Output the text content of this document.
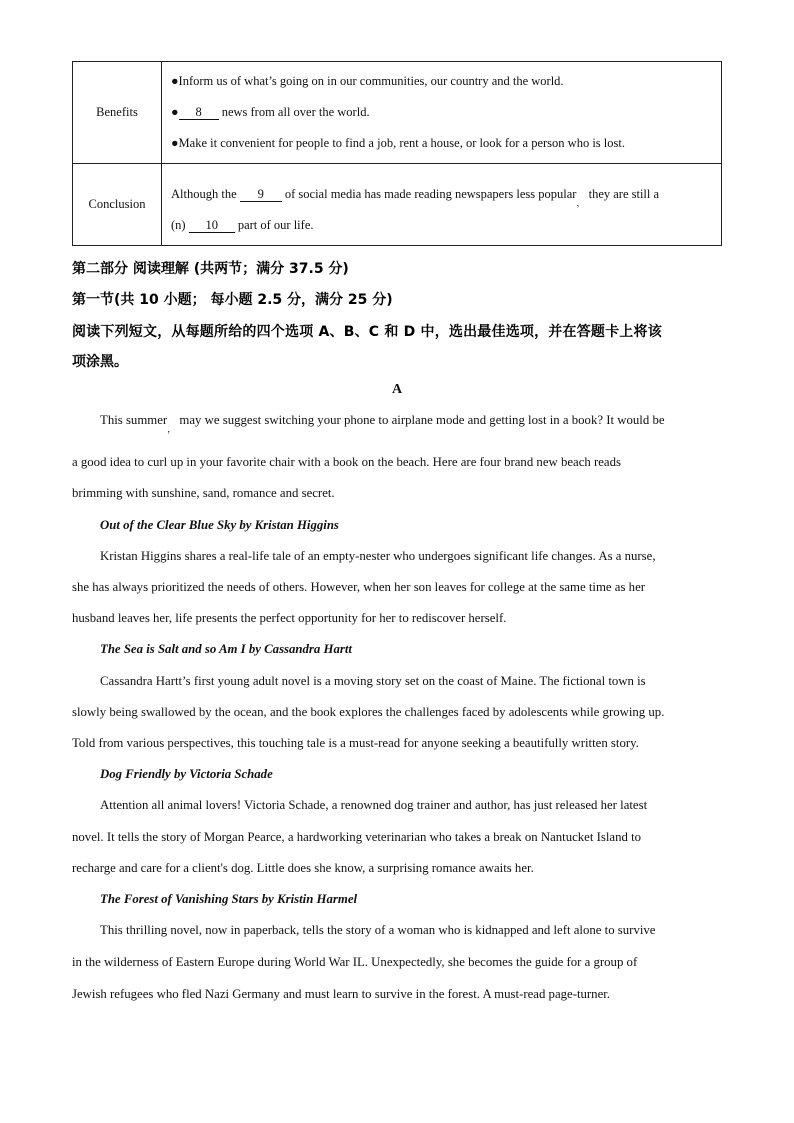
Benefits	●Inform us of what’s going on in our communities, our country and the world.
● 8 news from all over the world.
●Make it convenient for people to find a job, rent a house, or look for a person who is lost.

Conclusion	Although the 9 of social media has made reading newspapers less popular$_,$ they are still a
(n) 10 part of our life.
第二部分 阅读理解 (共两节；满分 37.5 分)
第一节(共 10 小题； 每小题 2.5 分，满分 25 分)
阅读下列短文，从每题所给的四个选项 A、B、C 和 D 中，选出最佳选项，并在答题卡上将该
项涂黑。
A
This summer$_,$ may we suggest switching your phone to airplane mode and getting lost in a book? It would be
a good idea to curl up in your favorite chair with a book on the beach. Here are four brand new beach reads
brimming with sunshine, sand, romance and secret.
Out of the Clear Blue Sky by Kristan Higgins
Kristan Higgins shares a real-life tale of an empty-nester who undergoes significant life changes. As a nurse,
she has always prioritized the needs of others. However, when her son leaves for college at the same time as her
husband leaves her, life presents the perfect opportunity for her to rediscover herself.
The Sea is Salt and so Am I by Cassandra Hartt
Cassandra Hartt’s first young adult novel is a moving story set on the coast of Maine. The fictional town is
slowly being swallowed by the ocean, and the book explores the challenges faced by adolescents while growing up.
Told from various perspectives, this touching tale is a must-read for anyone seeking a beautifully written story.
Dog Friendly by Victoria Schade
Attention all animal lovers! Victoria Schade, a renowned dog trainer and author, has just released her latest
novel. It tells the story of Morgan Pearce, a hardworking veterinarian who takes a break on Nantucket Island to
recharge and care for a client's dog. Little does she know, a surprising romance awaits her.
The Forest of Vanishing Stars by Kristin Harmel
This thrilling novel, now in paperback, tells the story of a woman who is kidnapped and left alone to survive
in the wilderness of Eastern Europe during World War IL. Unexpectedly, she becomes the guide for a group of
Jewish refugees who fled Nazi Germany and must learn to survive in the forest. A must-read page-turner.
